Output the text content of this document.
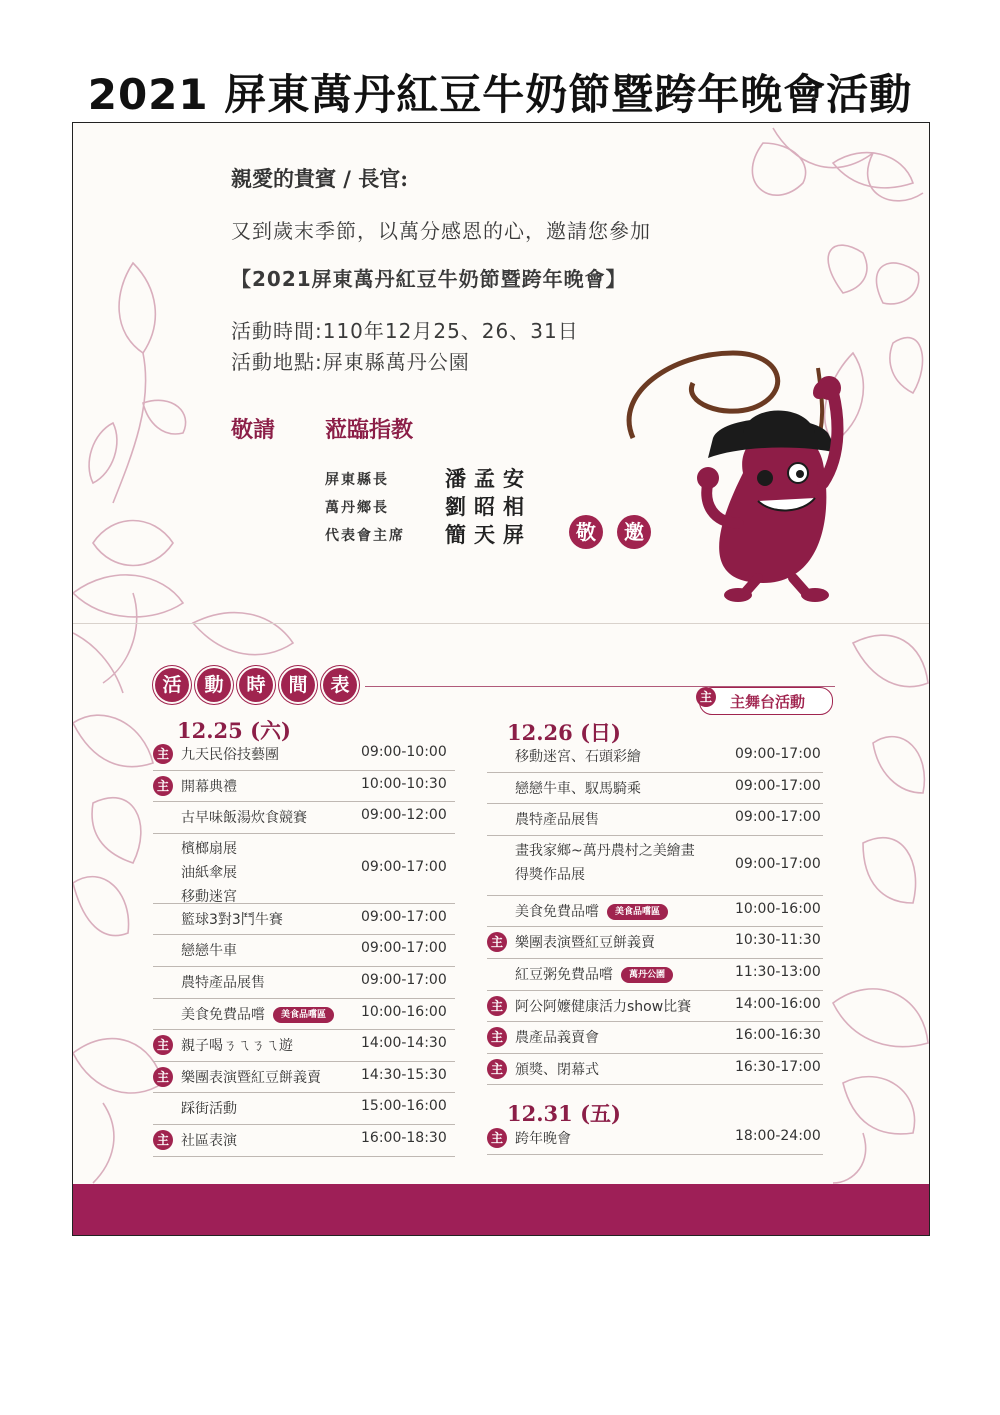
2021 屏東萬丹紅豆牛奶節暨跨年晚會活動
親愛的貴賓 / 長官:
又到歲末季節，以萬分感恩的心，邀請您參加
【2021屏東萬丹紅豆牛奶節暨跨年晚會】
活動時間:110年12月25、26、31日
活動地點:屏東縣萬丹公園
敬請 蒞臨指教
屏東縣長	潘孟安
萬丹鄉長	劉昭相
代表會主席 簡天屏	敬	邀
活	動	時	間	表
主 主舞台活動
12.25 (六)	12.26 (日)
12.31 (五)
主 九天民俗技藝團	09:00-10:00
主 開幕典禮	10:00-10:30
古早味飯湯炊食競賽	09:00-12:00
檳榔扇展
油紙傘展
移動迷宮
09:00-17:00
籃球3對3鬥牛賽	09:00-17:00
戀戀牛車	09:00-17:00
農特產品展售	09:00-17:00
美食免費品嚐 美食品嚐區	10:00-16:00
主 親子喝ㄋㄟㄋㄟ遊	14:00-14:30
主 樂團表演暨紅豆餅義賣	14:30-15:30
踩街活動	15:00-16:00
主 社區表演	16:00-18:30
移動迷宮、石頭彩繪	09:00-17:00
戀戀牛車、馭馬騎乘	09:00-17:00
農特產品展售	09:00-17:00
畫我家鄉~萬丹農村之美繪畫
得獎作品展
09:00-17:00
美食免費品嚐 美食品嚐區	10:00-16:00
主 樂團表演暨紅豆餅義賣	10:30-11:30
紅豆粥免費品嚐 萬丹公園	11:30-13:00
主 阿公阿嬤健康活力show比賽	14:00-16:00
主 農產品義賣會	16:00-16:30
主 頒獎、閉幕式	16:30-17:00
主 跨年晚會	18:00-24:00
